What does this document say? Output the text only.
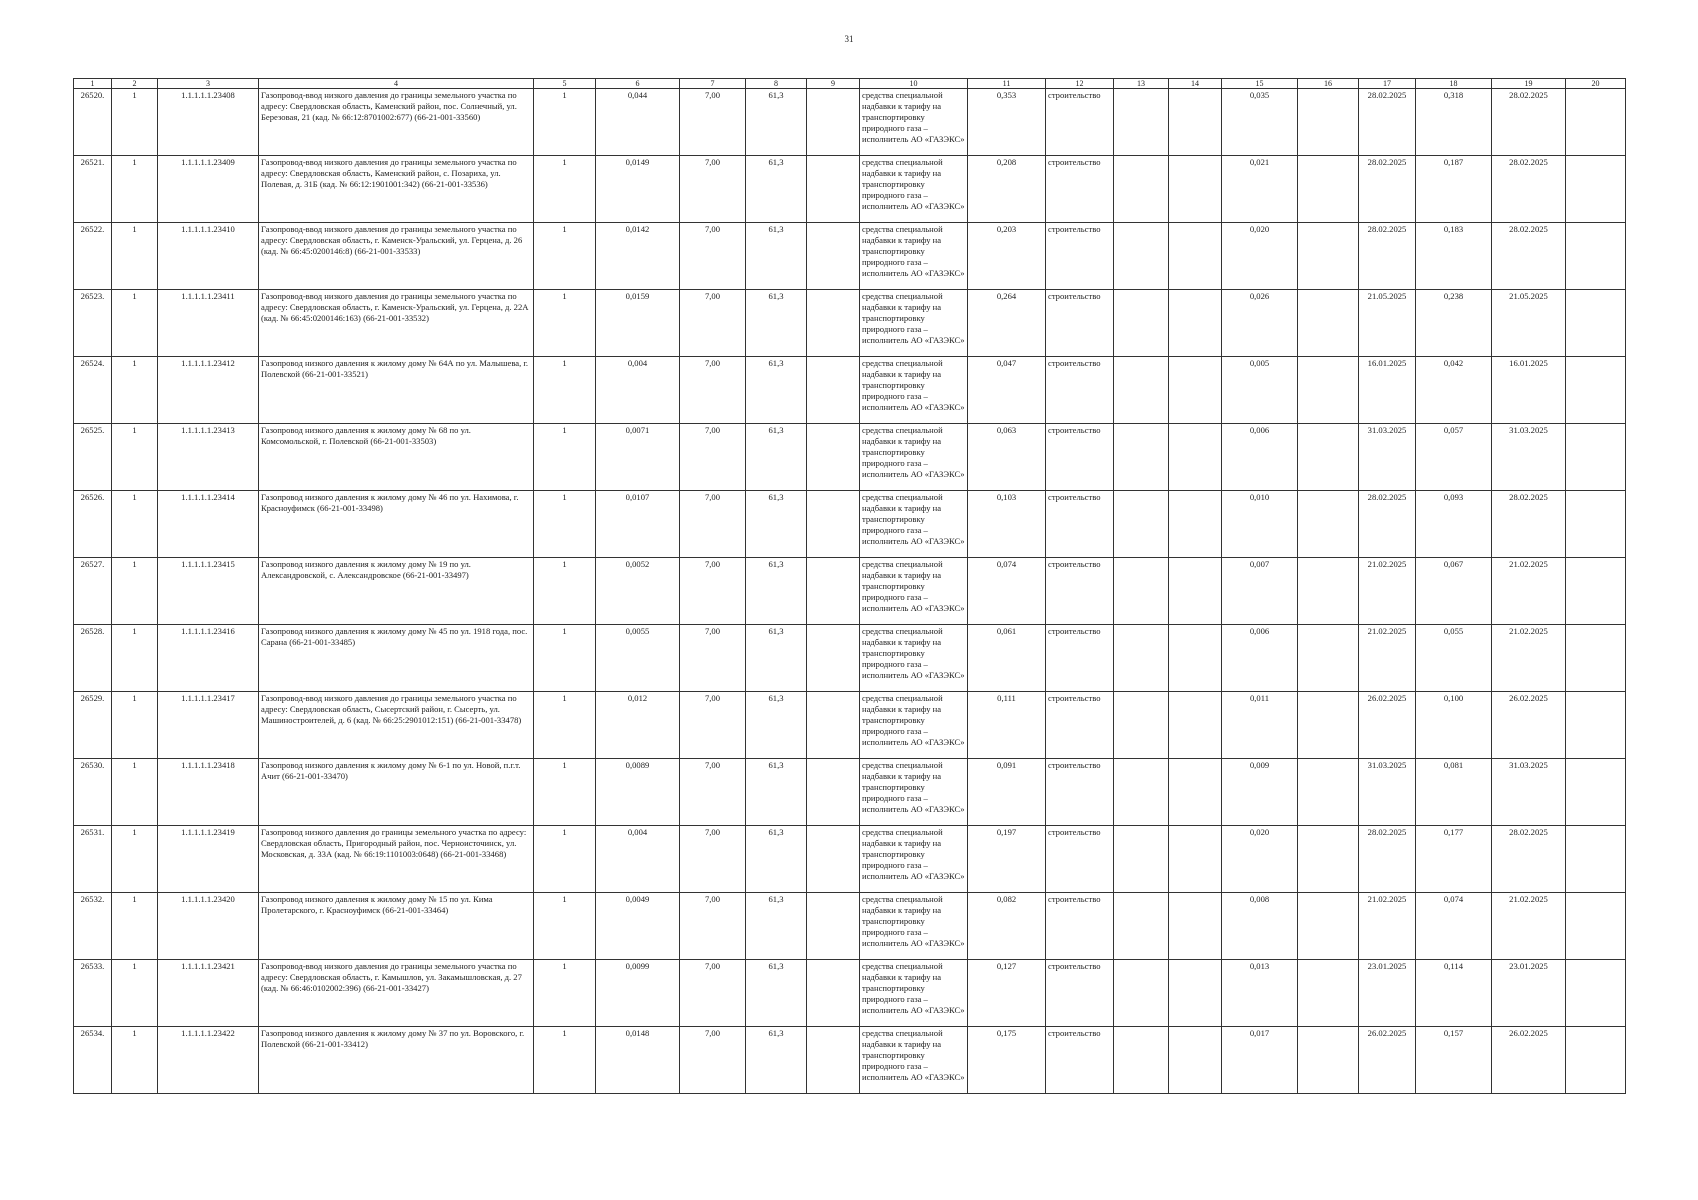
31
1	2	3	4	5	6	7	8	9	10	11	12	13	14	15	16	17	18	19	20
26520.	1	1.1.1.1.1.23408	Газопровод-ввод низкого давления до границы земельного участка по адресу: Свердловская область, Каменский район, пос. Солнечный, ул. Березовая, 21 (кад. № 66:12:8701002:677) (66-21-001-33560)	1	0,044	7,00	61,3		средства специальной надбавки к тарифу на транспортировку природного газа – исполнитель АО «ГАЗЭКС»	0,353	строительство			0,035		28.02.2025	0,318	28.02.2025	
26521.	1	1.1.1.1.1.23409	Газопровод-ввод низкого давления до границы земельного участка по адресу: Свердловская область, Каменский район, с. Позариха, ул. Полевая, д. 31Б (кад. № 66:12:1901001:342) (66-21-001-33536)	1	0,0149	7,00	61,3		средства специальной надбавки к тарифу на транспортировку природного газа – исполнитель АО «ГАЗЭКС»	0,208	строительство			0,021		28.02.2025	0,187	28.02.2025	
26522.	1	1.1.1.1.1.23410	Газопровод-ввод низкого давления до границы земельного участка по адресу: Свердловская область, г. Каменск-Уральский, ул. Герцена, д. 26 (кад. № 66:45:0200146:8) (66-21-001-33533)	1	0,0142	7,00	61,3		средства специальной надбавки к тарифу на транспортировку природного газа – исполнитель АО «ГАЗЭКС»	0,203	строительство			0,020		28.02.2025	0,183	28.02.2025	
26523.	1	1.1.1.1.1.23411	Газопровод-ввод низкого давления до границы земельного участка по адресу: Свердловская область, г. Каменск-Уральский, ул. Герцена, д. 22А (кад. № 66:45:0200146:163) (66-21-001-33532)	1	0,0159	7,00	61,3		средства специальной надбавки к тарифу на транспортировку природного газа – исполнитель АО «ГАЗЭКС»	0,264	строительство			0,026		21.05.2025	0,238	21.05.2025	
26524.	1	1.1.1.1.1.23412	Газопровод низкого давления к жилому дому № 64А по ул. Малышева, г. Полевской (66-21-001-33521)	1	0,004	7,00	61,3		средства специальной надбавки к тарифу на транспортировку природного газа – исполнитель АО «ГАЗЭКС»	0,047	строительство			0,005		16.01.2025	0,042	16.01.2025	
26525.	1	1.1.1.1.1.23413	Газопровод низкого давления к жилому дому № 68 по ул. Комсомольской, г. Полевской (66-21-001-33503)	1	0,0071	7,00	61,3		средства специальной надбавки к тарифу на транспортировку природного газа – исполнитель АО «ГАЗЭКС»	0,063	строительство			0,006		31.03.2025	0,057	31.03.2025	
26526.	1	1.1.1.1.1.23414	Газопровод низкого давления к жилому дому № 46 по ул. Нахимова, г. Красноуфимск (66-21-001-33498)	1	0,0107	7,00	61,3		средства специальной надбавки к тарифу на транспортировку природного газа – исполнитель АО «ГАЗЭКС»	0,103	строительство			0,010		28.02.2025	0,093	28.02.2025	
26527.	1	1.1.1.1.1.23415	Газопровод низкого давления к жилому дому № 19 по ул. Александровской, с. Александровское (66-21-001-33497)	1	0,0052	7,00	61,3		средства специальной надбавки к тарифу на транспортировку природного газа – исполнитель АО «ГАЗЭКС»	0,074	строительство			0,007		21.02.2025	0,067	21.02.2025	
26528.	1	1.1.1.1.1.23416	Газопровод низкого давления к жилому дому № 45 по ул. 1918 года, пос. Сарана (66-21-001-33485)	1	0,0055	7,00	61,3		средства специальной надбавки к тарифу на транспортировку природного газа – исполнитель АО «ГАЗЭКС»	0,061	строительство			0,006		21.02.2025	0,055	21.02.2025	
26529.	1	1.1.1.1.1.23417	Газопровод-ввод низкого давления до границы земельного участка по адресу: Свердловская область, Сысертский район, г. Сысерть, ул. Машиностроителей, д. 6 (кад. № 66:25:2901012:151) (66-21-001-33478)	1	0,012	7,00	61,3		средства специальной надбавки к тарифу на транспортировку природного газа – исполнитель АО «ГАЗЭКС»	0,111	строительство			0,011		26.02.2025	0,100	26.02.2025	
26530.	1	1.1.1.1.1.23418	Газопровод низкого давления к жилому дому № 6-1 по ул. Новой, п.г.т. Ачит (66-21-001-33470)	1	0,0089	7,00	61,3		средства специальной надбавки к тарифу на транспортировку природного газа – исполнитель АО «ГАЗЭКС»	0,091	строительство			0,009		31.03.2025	0,081	31.03.2025	
26531.	1	1.1.1.1.1.23419	Газопровод низкого давления до границы земельного участка по адресу: Свердловская область, Пригородный район, пос. Черноисточинск, ул. Московская, д. 33А (кад. № 66:19:1101003:0648) (66-21-001-33468)	1	0,004	7,00	61,3		средства специальной надбавки к тарифу на транспортировку природного газа – исполнитель АО «ГАЗЭКС»	0,197	строительство			0,020		28.02.2025	0,177	28.02.2025	
26532.	1	1.1.1.1.1.23420	Газопровод низкого давления к жилому дому № 15 по ул. Кима Пролетарского, г. Красноуфимск (66-21-001-33464)	1	0,0049	7,00	61,3		средства специальной надбавки к тарифу на транспортировку природного газа – исполнитель АО «ГАЗЭКС»	0,082	строительство			0,008		21.02.2025	0,074	21.02.2025	
26533.	1	1.1.1.1.1.23421	Газопровод-ввод низкого давления до границы земельного участка по адресу: Свердловская область, г. Камышлов, ул. Закамышловская, д. 27 (кад. № 66:46:0102002:396) (66-21-001-33427)	1	0,0099	7,00	61,3		средства специальной надбавки к тарифу на транспортировку природного газа – исполнитель АО «ГАЗЭКС»	0,127	строительство			0,013		23.01.2025	0,114	23.01.2025	
26534.	1	1.1.1.1.1.23422	Газопровод низкого давления к жилому дому № 37 по ул. Воровского, г. Полевской (66-21-001-33412)	1	0,0148	7,00	61,3		средства специальной надбавки к тарифу на транспортировку природного газа – исполнитель АО «ГАЗЭКС»	0,175	строительство			0,017		26.02.2025	0,157	26.02.2025	
